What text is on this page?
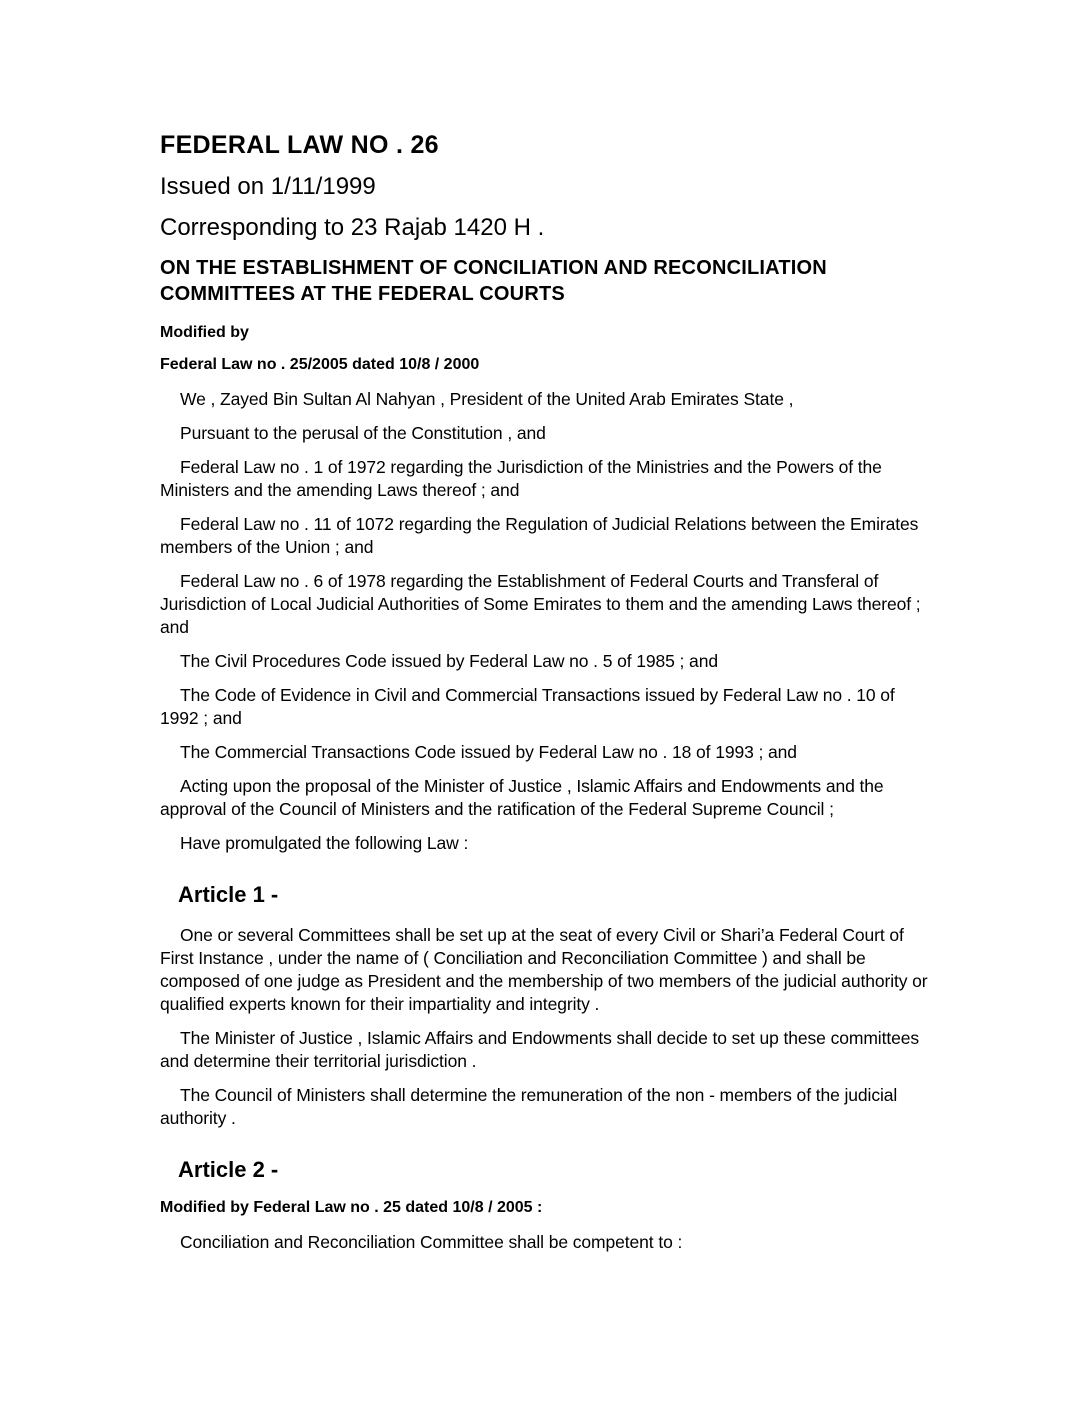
FEDERAL LAW NO . 26

Issued on 1/11/1999

Corresponding to 23 Rajab 1420 H .

ON THE ESTABLISHMENT OF CONCILIATION AND RECONCILIATION COMMITTEES AT THE FEDERAL COURTS

Modified by

Federal Law no . 25/2005 dated 10/8 / 2000

We , Zayed Bin Sultan Al Nahyan , President of the United Arab Emirates State ,

Pursuant to the perusal of the Constitution , and

Federal Law no . 1 of 1972 regarding the Jurisdiction of the Ministries and the Powers of the Ministers and the amending Laws thereof ; and

Federal Law no . 11 of 1072 regarding the Regulation of Judicial Relations between the Emirates members of the Union ; and

Federal Law no . 6 of 1978 regarding the Establishment of Federal Courts and Transferal of Jurisdiction of Local Judicial Authorities of Some Emirates to them and the amending Laws thereof ; and

The Civil Procedures Code issued by Federal Law no . 5 of 1985 ; and

The Code of Evidence in Civil and Commercial Transactions issued by Federal Law no . 10 of 1992 ; and

The Commercial Transactions Code issued by Federal Law no . 18 of 1993 ; and

Acting upon the proposal of the Minister of Justice , Islamic Affairs and Endowments and the approval of the Council of Ministers and the ratification of the Federal Supreme Council ;

Have promulgated the following Law :

Article 1 -

One or several Committees shall be set up at the seat of every Civil or Shari’a Federal Court of First Instance , under the name of ( Conciliation and Reconciliation Committee ) and shall be composed of one judge as President and the membership of two members of the judicial authority or qualified experts known for their impartiality and integrity .

The Minister of Justice , Islamic Affairs and Endowments shall decide to set up these committees and determine their territorial jurisdiction .

The Council of Ministers shall determine the remuneration of the non - members of the judicial authority .

Article 2 -

Modified by Federal Law no . 25 dated 10/8 / 2005 :

Conciliation and Reconciliation Committee shall be competent to :
